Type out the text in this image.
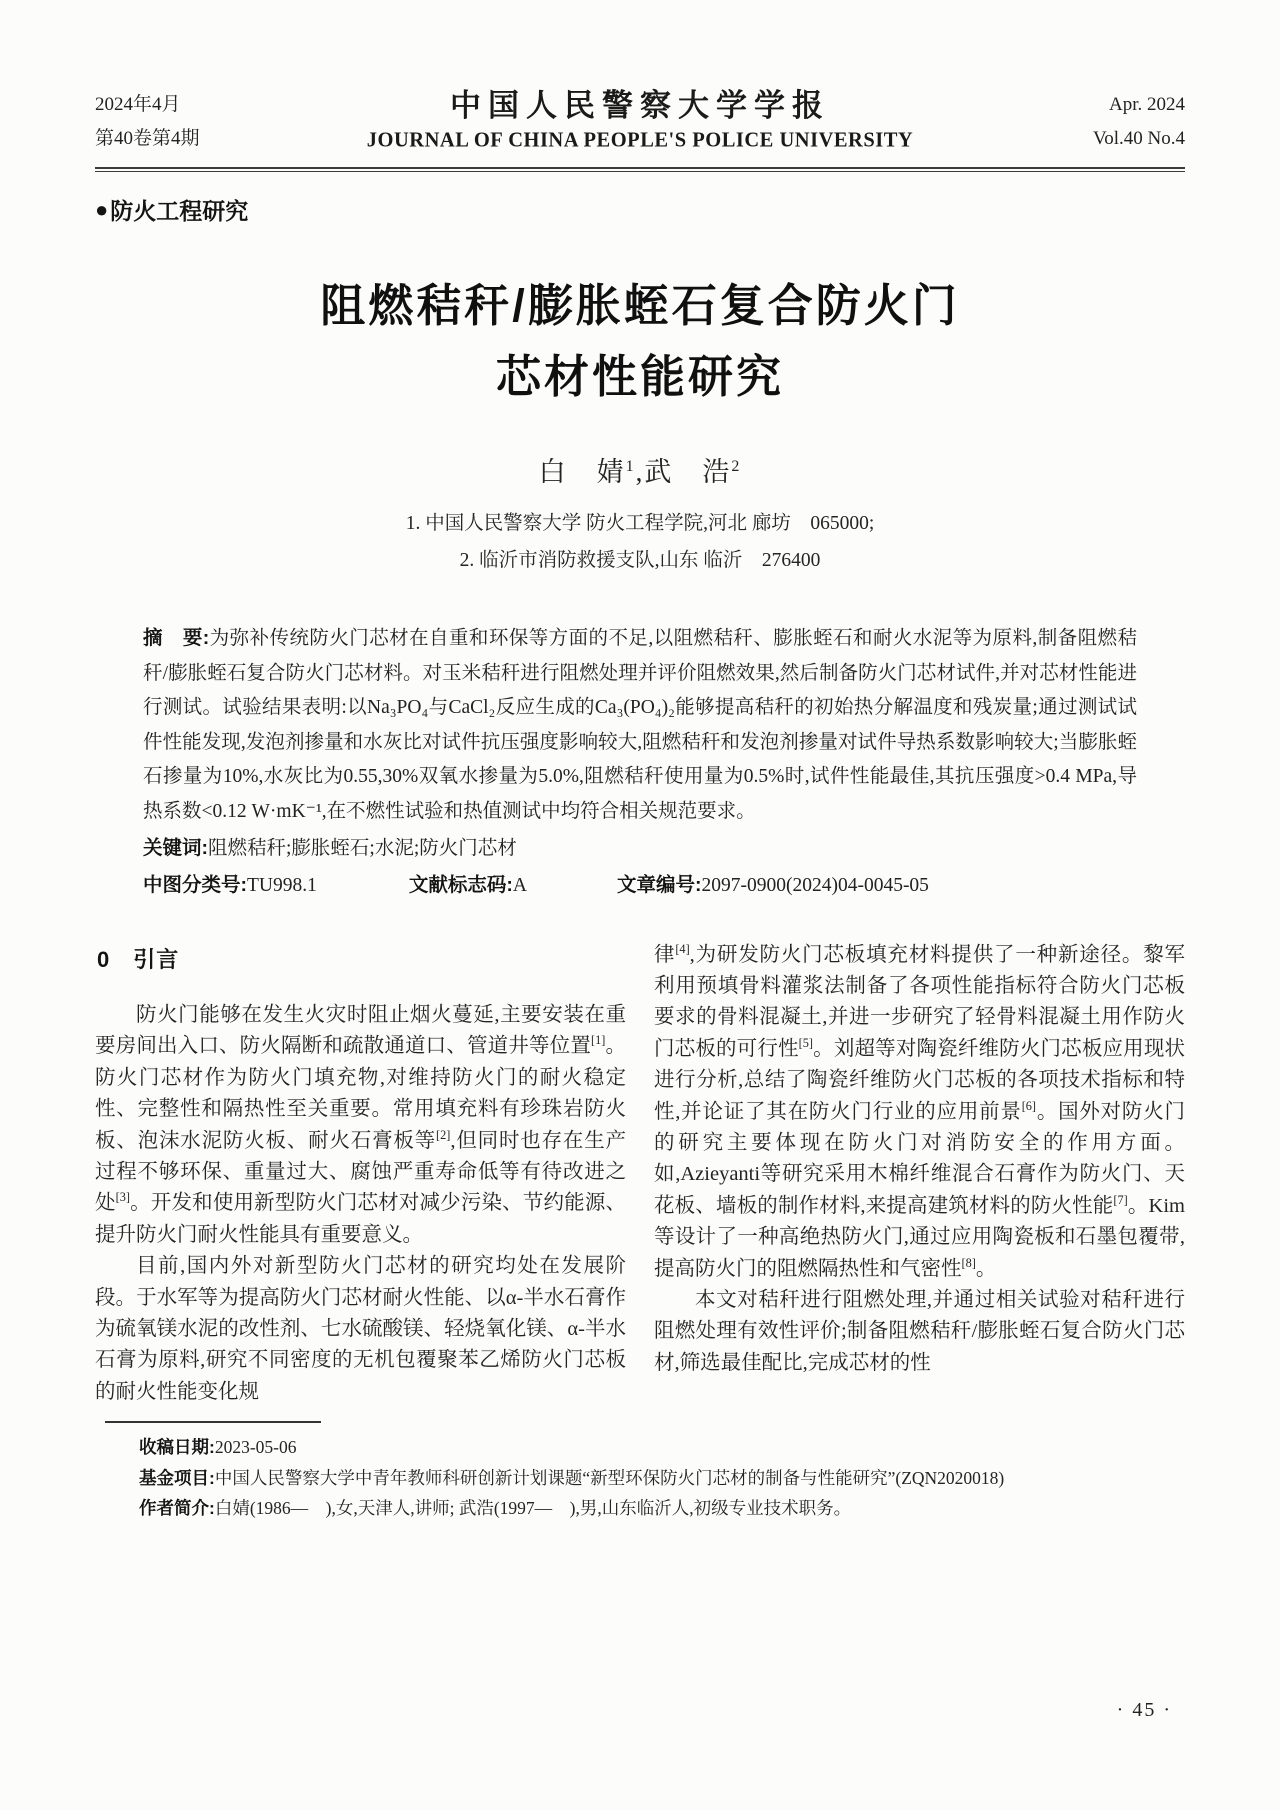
2024年4月
第40卷第4期
中国人民警察大学学报
JOURNAL OF CHINA PEOPLE'S POLICE UNIVERSITY
Apr. 2024
Vol.40 No.4
● 防火工程研究
阻燃秸秆/膨胀蛭石复合防火门
芯材性能研究
白　婧$^1$,武　浩$^2$
1. 中国人民警察大学 防火工程学院,河北 廊坊　065000;
2. 临沂市消防救援支队,山东 临沂　276400

摘　要:为弥补传统防火门芯材在自重和环保等方面的不足,以阻燃秸秆、膨胀蛭石和耐火水泥等为原料,制备阻燃秸秆/膨胀蛭石复合防火门芯材料。对玉米秸秆进行阻燃处理并评价阻燃效果,然后制备防火门芯材试件,并对芯材性能进行测试。试验结果表明:以Na₃PO₄与CaCl₂反应生成的Ca₃(PO₄)₂能够提高秸秆的初始热分解温度和残炭量;通过测试试件性能发现,发泡剂掺量和水灰比对试件抗压强度影响较大,阻燃秸秆和发泡剂掺量对试件导热系数影响较大;当膨胀蛭石掺量为10%,水灰比为0.55,30%双氧水掺量为5.0%,阻燃秸秆使用量为0.5%时,试件性能最佳,其抗压强度>0.4 MPa,导热系数<0.12 W·mK⁻¹,在不燃性试验和热值测试中均符合相关规范要求。

关键词:阻燃秸秆;膨胀蛭石;水泥;防火门芯材

中图分类号:TU998.1	文献标志码:A	文章编号:2097-0900(2024)04-0045-05
0　引言

防火门能够在发生火灾时阻止烟火蔓延,主要安装在重要房间出入口、防火隔断和疏散通道口、管道井等位置[1]。防火门芯材作为防火门填充物,对维持防火门的耐火稳定性、完整性和隔热性至关重要。常用填充料有珍珠岩防火板、泡沫水泥防火板、耐火石膏板等[2],但同时也存在生产过程不够环保、重量过大、腐蚀严重寿命低等有待改进之处[3]。开发和使用新型防火门芯材对减少污染、节约能源、提升防火门耐火性能具有重要意义。

目前,国内外对新型防火门芯材的研究均处在发展阶段。于水军等为提高防火门芯材耐火性能、以α-半水石膏作为硫氧镁水泥的改性剂、七水硫酸镁、轻烧氧化镁、α-半水石膏为原料,研究不同密度的无机包覆聚苯乙烯防火门芯板的耐火性能变化规

律[4],为研发防火门芯板填充材料提供了一种新途径。黎军利用预填骨料灌浆法制备了各项性能指标符合防火门芯板要求的骨料混凝土,并进一步研究了轻骨料混凝土用作防火门芯板的可行性[5]。刘超等对陶瓷纤维防火门芯板应用现状进行分析,总结了陶瓷纤维防火门芯板的各项技术指标和特性,并论证了其在防火门行业的应用前景[6]。国外对防火门的研究主要体现在防火门对消防安全的作用方面。如,Azieyanti等研究采用木棉纤维混合石膏作为防火门、天花板、墙板的制作材料,来提高建筑材料的防火性能[7]。Kim等设计了一种高绝热防火门,通过应用陶瓷板和石墨包覆带,提高防火门的阻燃隔热性和气密性[8]。

本文对秸秆进行阻燃处理,并通过相关试验对秸秆进行阻燃处理有效性评价;制备阻燃秸秆/膨胀蛭石复合防火门芯材,筛选最佳配比,完成芯材的性

收稿日期:2023-05-06
基金项目:中国人民警察大学中青年教师科研创新计划课题“新型环保防火门芯材的制备与性能研究”(ZQN2020018)
作者简介:白婧(1986—　),女,天津人,讲师; 武浩(1997—　),男,山东临沂人,初级专业技术职务。
· 45 ·
